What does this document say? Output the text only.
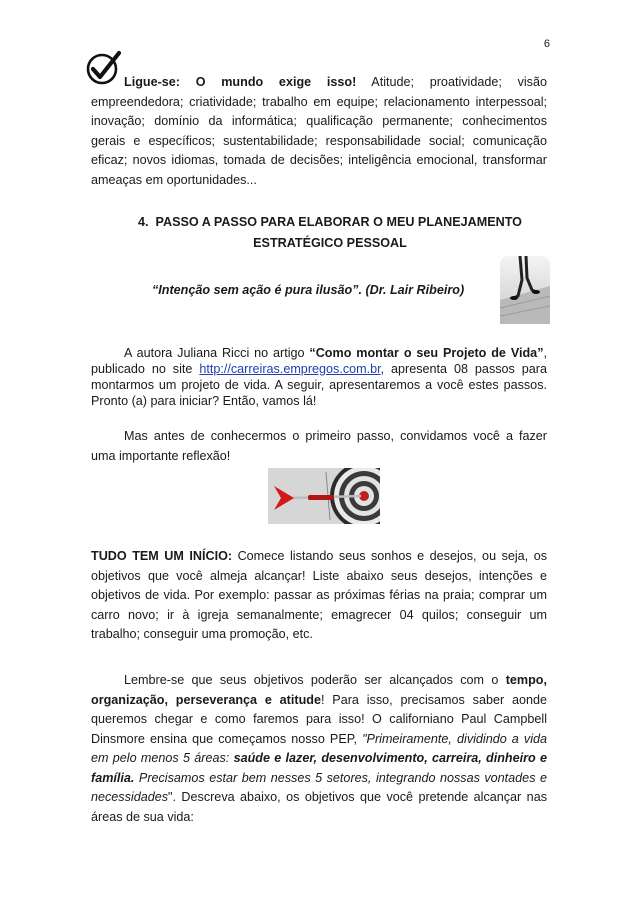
6

Ligue-se: O mundo exige isso! Atitude; proatividade; visão empreendedora; criatividade; trabalho em equipe; relacionamento interpessoal; inovação; domínio da informática; qualificação permanente; conhecimentos gerais e específicos; sustentabilidade; responsabilidade social; comunicação eficaz; novos idiomas, tomada de decisões; inteligência emocional, transformar ameaças em oportunidades...

4. PASSO A PASSO PARA ELABORAR O MEU PLANEJAMENTO
ESTRATÉGICO PESSOAL
“Intenção sem ação é pura ilusão”. (Dr. Lair Ribeiro)

A autora Juliana Ricci no artigo “Como montar o seu Projeto de Vida”, publicado no site http://carreiras.empregos.com.br, apresenta 08 passos para montarmos um projeto de vida. A seguir, apresentaremos a você estes passos. Pronto (a) para iniciar? Então, vamos lá!

Mas antes de conhecermos o primeiro passo, convidamos você a fazer uma importante reflexão!

TUDO TEM UM INÍCIO: Comece listando seus sonhos e desejos, ou seja, os objetivos que você almeja alcançar! Liste abaixo seus desejos, intenções e objetivos de vida. Por exemplo: passar as próximas férias na praia; comprar um carro novo; ir à igreja semanalmente; emagrecer 04 quilos; conseguir um trabalho; conseguir uma promoção, etc.

Lembre-se que seus objetivos poderão ser alcançados com o tempo, organização, perseverança e atitude! Para isso, precisamos saber aonde queremos chegar e como faremos para isso! O californiano Paul Campbell Dinsmore ensina que começamos nosso PEP, "Primeiramente, dividindo a vida em pelo menos 5 áreas: saúde e lazer, desenvolvimento, carreira, dinheiro e família. Precisamos estar bem nesses 5 setores, integrando nossas vontades e necessidades". Descreva abaixo, os objetivos que você pretende alcançar nas áreas de sua vida:
